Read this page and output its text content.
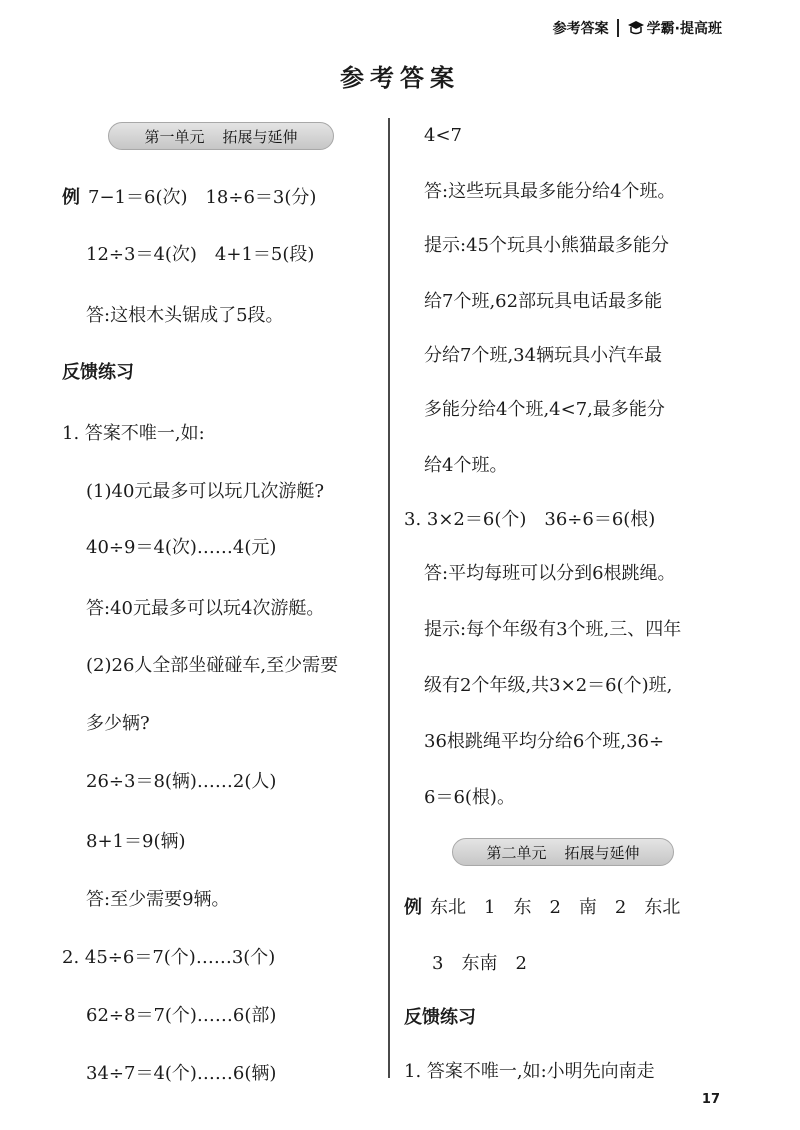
参考答案	学霸·提高班
参考答案
第一单元 拓展与延伸
例 7−1＝6(次)　18÷6＝3(分)
12÷3＝4(次)　4+1＝5(段)
答:这根木头锯成了5段。
反馈练习
1. 答案不唯一,如:
(1)40元最多可以玩几次游艇?
40÷9＝4(次)……4(元)
答:40元最多可以玩4次游艇。
(2)26人全部坐碰碰车,至少需要
多少辆?
26÷3＝8(辆)……2(人)
8+1＝9(辆)
答:至少需要9辆。
2. 45÷6＝7(个)……3(个)
62÷8＝7(个)……6(部)
34÷7＝4(个)……6(辆)
4<7
答:这些玩具最多能分给4个班。
提示:45个玩具小熊猫最多能分
给7个班,62部玩具电话最多能
分给7个班,34辆玩具小汽车最
多能分给4个班,4<7,最多能分
给4个班。
3. 3×2＝6(个)　36÷6＝6(根)
答:平均每班可以分到6根跳绳。
提示:每个年级有3个班,三、四年
级有2个年级,共3×2＝6(个)班,
36根跳绳平均分给6个班,36÷
6＝6(根)。
第二单元 拓展与延伸
例 东北　1　东　2　南　2　东北
3　东南　2
反馈练习
1. 答案不唯一,如:小明先向南走
17
